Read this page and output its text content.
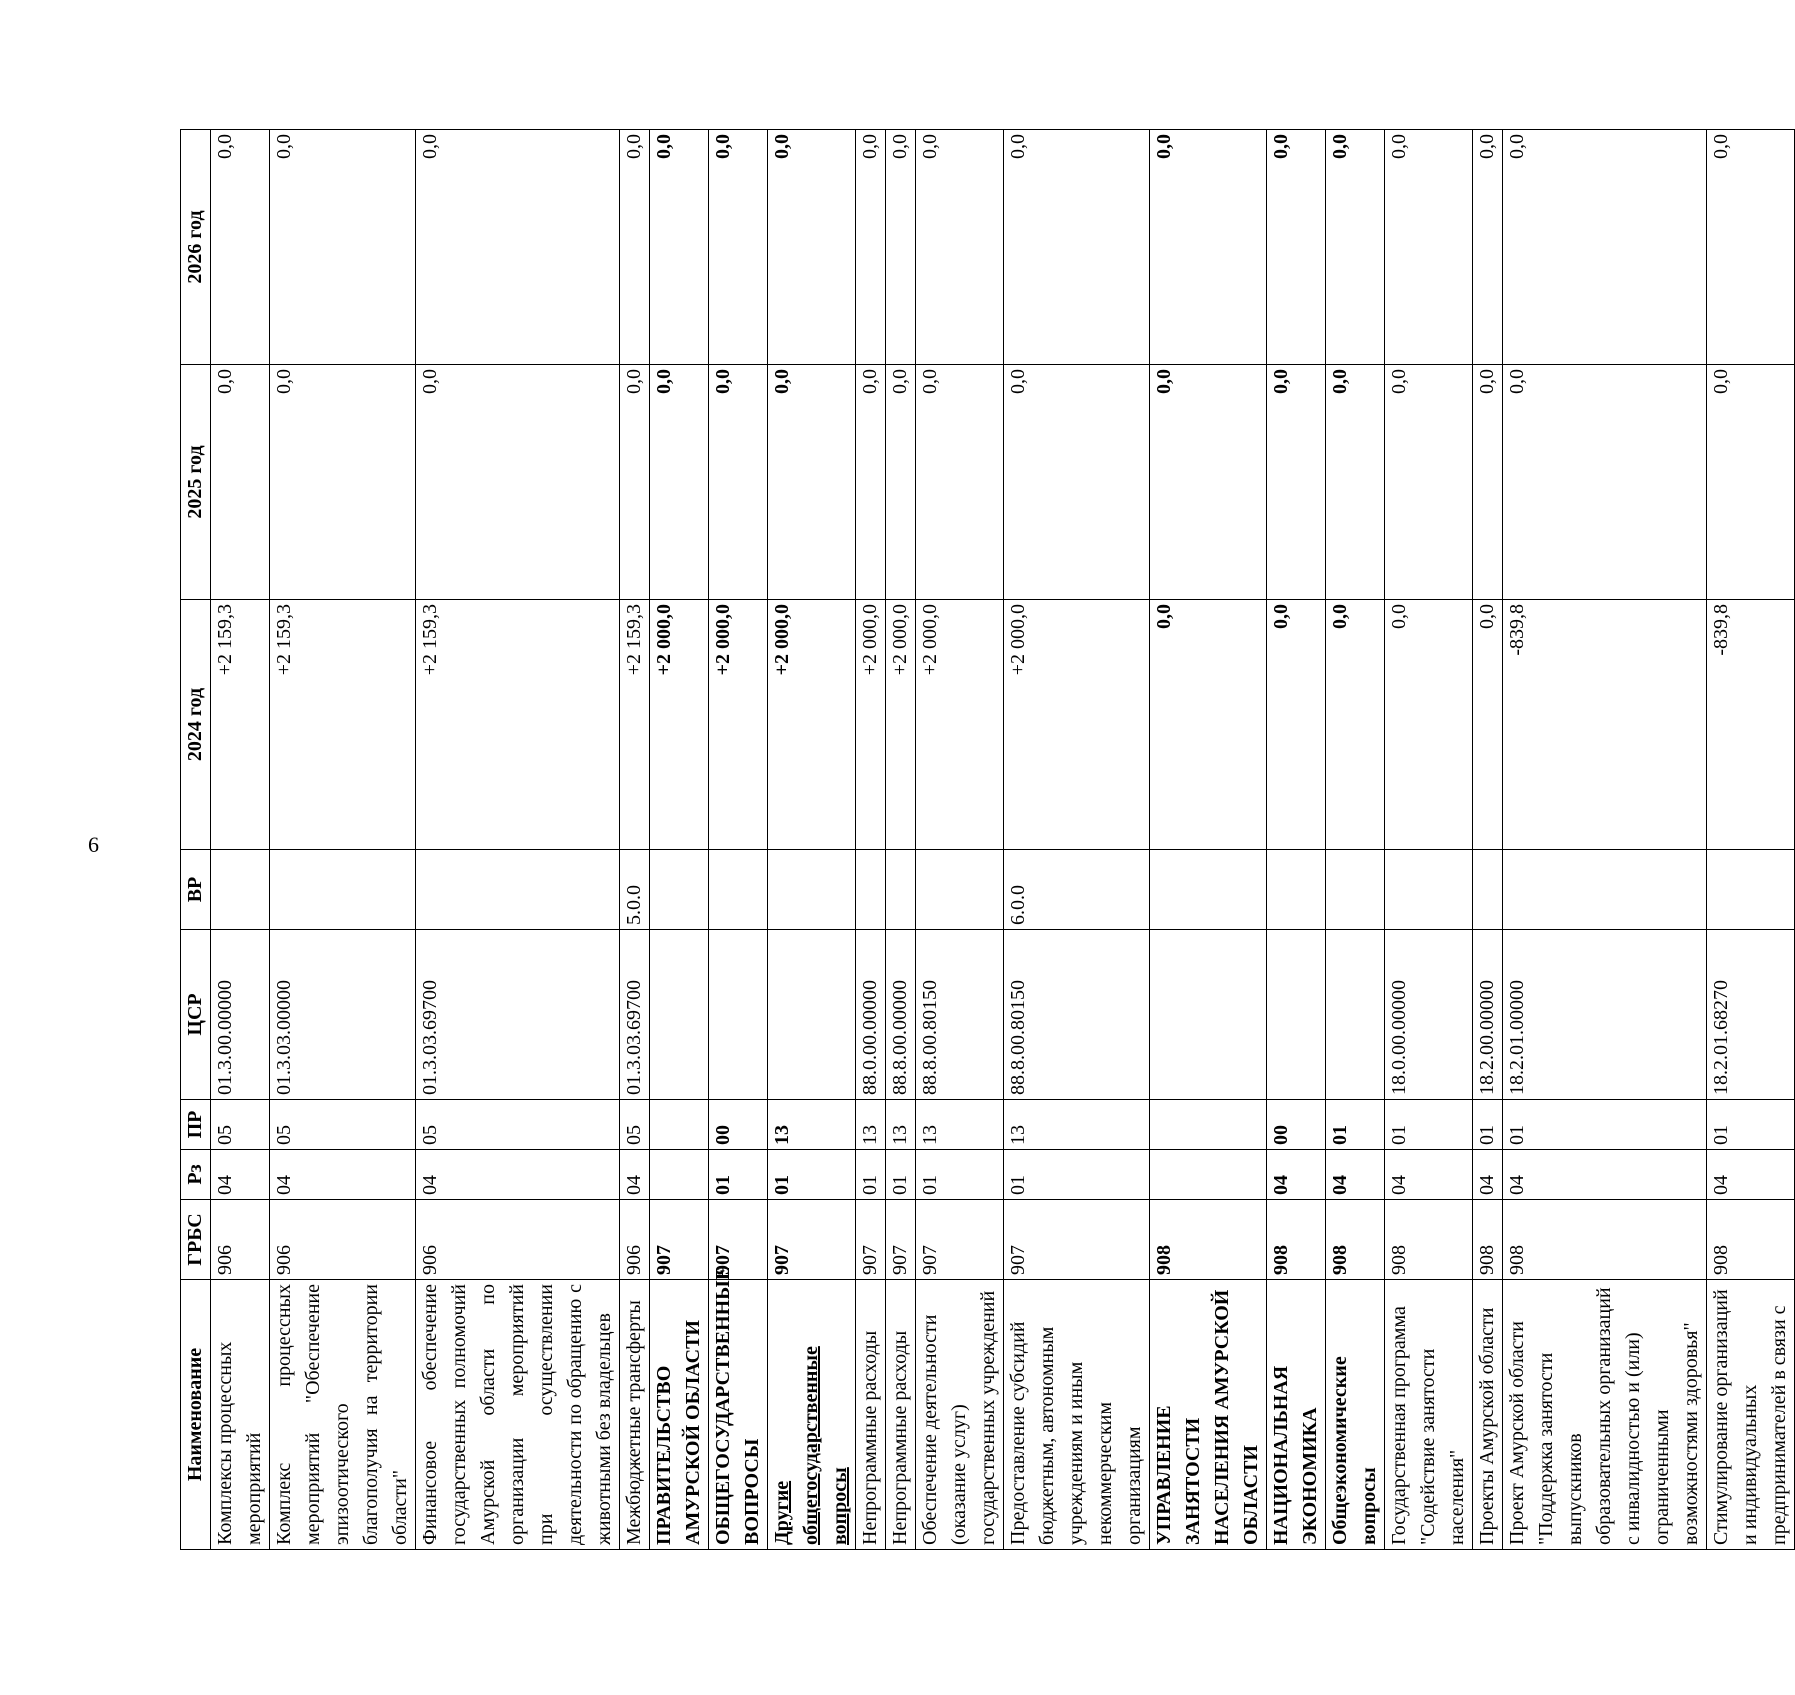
6
Наименование	ГРБС	Рз	ПР	ЦСР	ВР	2024 год	2025 год	2026 год
Комплексы процессных мероприятий	906	04	05	01.3.00.00000		+2 159,3	0,0	0,0
Комплекс процессных мероприятий "Обеспечение эпизоотического благополучия на территории области"	906	04	05	01.3.03.00000		+2 159,3	0,0	0,0
Финансовое обеспечение государственных полномочий Амурской области по организации мероприятий при осуществлении деятельности по обращению с животными без владельцев	906	04	05	01.3.03.69700		+2 159,3	0,0	0,0
Межбюджетные трансферты	906	04	05	01.3.03.69700	5.0.0	+2 159,3	0,0	0,0
ПРАВИТЕЛЬСТВО АМУРСКОЙ ОБЛАСТИ	907					+2 000,0	0,0	0,0
ОБЩЕГОСУДАРСТВЕННЫЕ ВОПРОСЫ	907	01	00			+2 000,0	0,0	0,0
Другие общегосударственные вопросы	907	01	13			+2 000,0	0,0	0,0
Непрограммные расходы	907	01	13	88.0.00.00000		+2 000,0	0,0	0,0
Непрограммные расходы	907	01	13	88.8.00.00000		+2 000,0	0,0	0,0
Обеспечение деятельности (оказание услуг) государственных учреждений	907	01	13	88.8.00.80150		+2 000,0	0,0	0,0
Предоставление субсидий бюджетным, автономным учреждениям и иным некоммерческим организациям	907	01	13	88.8.00.80150	6.0.0	+2 000,0	0,0	0,0
УПРАВЛЕНИЕ ЗАНЯТОСТИ НАСЕЛЕНИЯ АМУРСКОЙ ОБЛАСТИ	908					0,0	0,0	0,0
НАЦИОНАЛЬНАЯ ЭКОНОМИКА	908	04	00			0,0	0,0	0,0
Общеэкономические вопросы	908	04	01			0,0	0,0	0,0
Государственная программа "Содействие занятости населения"	908	04	01	18.0.00.00000		0,0	0,0	0,0
Проекты Амурской области	908	04	01	18.2.00.00000		0,0	0,0	0,0
Проект Амурской области "Поддержка занятости выпускников образовательных организаций с инвалидностью и (или) ограниченными возможностями здоровья"	908	04	01	18.2.01.00000		-839,8	0,0	0,0
Стимулирование организаций и индивидуальных предпринимателей в связи с	908	04	01	18.2.01.68270		-839,8	0,0	0,0
